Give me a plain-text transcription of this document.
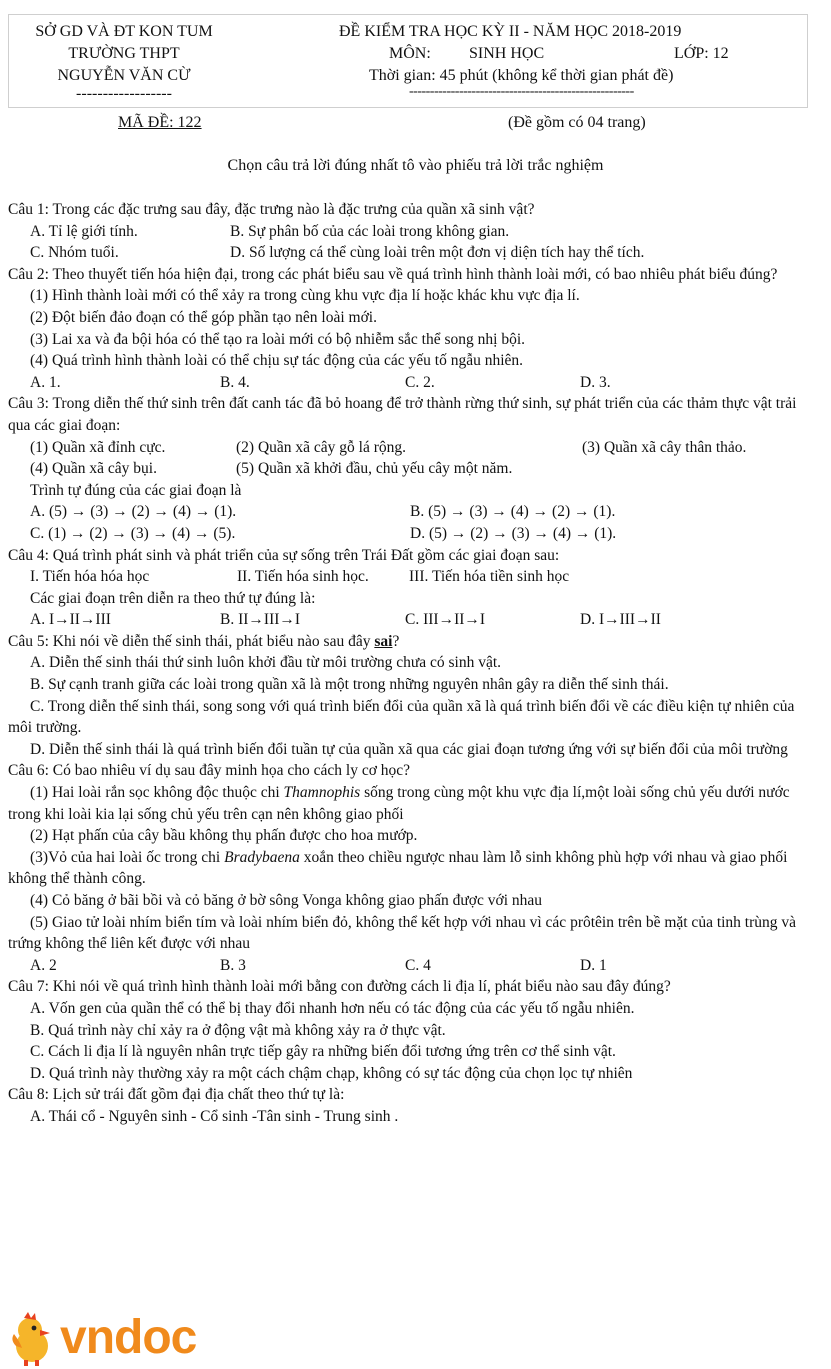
SỞ GD VÀ ĐT KON TUM
TRƯỜNG THPT
NGUYỄN VĂN CỪ
------------------
ĐỀ KIỂM TRA HỌC KỲ II - NĂM HỌC 2018-2019
MÔN: SINH HỌC	LỚP: 12
Thời gian: 45 phút (không kể thời gian phát đề)
------------------------------------------------------
MÃ ĐỀ: 122	(Đề gồm có 04 trang)
Chọn câu trả lời đúng nhất tô vào phiếu trả lời trắc nghiệm

Câu 1: Trong các đặc trưng sau đây, đặc trưng nào là đặc trưng của quần xã sinh vật?

A. Tỉ lệ giới tính.	B. Sự phân bố của các loài trong không gian.
C. Nhóm tuổi.	D. Số lượng cá thể cùng loài trên một đơn vị diện tích hay thể tích.

Câu 2: Theo thuyết tiến hóa hiện đại, trong các phát biểu sau về quá trình hình thành loài mới, có bao nhiêu phát biểu đúng?

(1) Hình thành loài mới có thể xảy ra trong cùng khu vực địa lí hoặc khác khu vực địa lí.

(2) Đột biến đảo đoạn có thể góp phần tạo nên loài mới.

(3) Lai xa và đa bội hóa có thể tạo ra loài mới có bộ nhiễm sắc thể song nhị bội.

(4) Quá trình hình thành loài có thể chịu sự tác động của các yếu tố ngẫu nhiên.

A. 1.	B. 4.	C. 2.	D. 3.

Câu 3: Trong diễn thế thứ sinh trên đất canh tác đã bỏ hoang để trở thành rừng thứ sinh, sự phát triển của các thảm thực vật trải qua các giai đoạn:

(1) Quần xã đỉnh cực.	(2) Quần xã cây gỗ lá rộng.	(3) Quần xã cây thân thảo.
(4) Quần xã cây bụi.	(5) Quần xã khởi đầu, chủ yếu cây một năm.

Trình tự đúng của các giai đoạn là

A. (5) → (3) → (2) → (4) → (1).	B. (5) → (3) → (4) → (2) → (1).
C. (1) → (2) → (3) → (4) → (5).	D. (5) → (2) → (3) → (4) → (1).

Câu 4: Quá trình phát sinh và phát triển của sự sống trên Trái Đất gồm các giai đoạn sau:

I. Tiến hóa hóa học	II. Tiến hóa sinh học.	III. Tiến hóa tiền sinh học

Các giai đoạn trên diễn ra theo thứ tự đúng là:

A. I→II→III	B. II→III→I	C. III→II→I	D. I→III→II

Câu 5: Khi nói về diễn thế sinh thái, phát biểu nào sau đây sai?

A. Diễn thế sinh thái thứ sinh luôn khởi đầu từ môi trường chưa có sinh vật.

B. Sự cạnh tranh giữa các loài trong quần xã là một trong những nguyên nhân gây ra diễn thế sinh thái.

C. Trong diễn thế sinh thái, song song với quá trình biến đổi của quần xã là quá trình biến đổi về các điều kiện tự nhiên của môi trường.

D. Diễn thế sinh thái là quá trình biến đổi tuần tự của quần xã qua các giai đoạn tương ứng với sự biến đổi của môi trường

Câu 6: Có bao nhiêu ví dụ sau đây minh họa cho cách ly cơ học?

(1) Hai loài rắn sọc không độc thuộc chi Thamnophis sống trong cùng một khu vực địa lí,một loài sống chủ yếu dưới nước trong khi loài kia lại sống chủ yếu trên cạn nên không giao phối

(2) Hạt phấn của cây bầu không thụ phấn được cho hoa mướp.

(3)Vỏ của hai loài ốc trong chi Bradybaena xoắn theo chiều ngược nhau làm lỗ sinh không phù hợp với nhau và giao phối không thể thành công.

(4) Cỏ băng ở bãi bồi và cỏ băng ở bờ sông Vonga không giao phấn được với nhau

(5) Giao tử loài nhím biển tím và loài nhím biển đỏ, không thể kết hợp với nhau vì các prôtêin trên bề mặt của tinh trùng và trứng không thể liên kết được với nhau

A. 2	B. 3	C. 4	D. 1

Câu 7: Khi nói về quá trình hình thành loài mới bằng con đường cách li địa lí, phát biểu nào sau đây đúng?

A. Vốn gen của quần thể có thể bị thay đổi nhanh hơn nếu có tác động của các yếu tố ngẫu nhiên.

B. Quá trình này chỉ xảy ra ở động vật mà không xảy ra ở thực vật.

C. Cách li địa lí là nguyên nhân trực tiếp gây ra những biến đổi tương ứng trên cơ thể sinh vật.

D. Quá trình này thường xảy ra một cách chậm chạp, không có sự tác động của chọn lọc tự nhiên

Câu 8: Lịch sử trái đất gồm đại địa chất theo thứ tự là:

A. Thái cổ - Nguyên sinh - Cổ sinh -Tân sinh - Trung sinh .

vndoc
